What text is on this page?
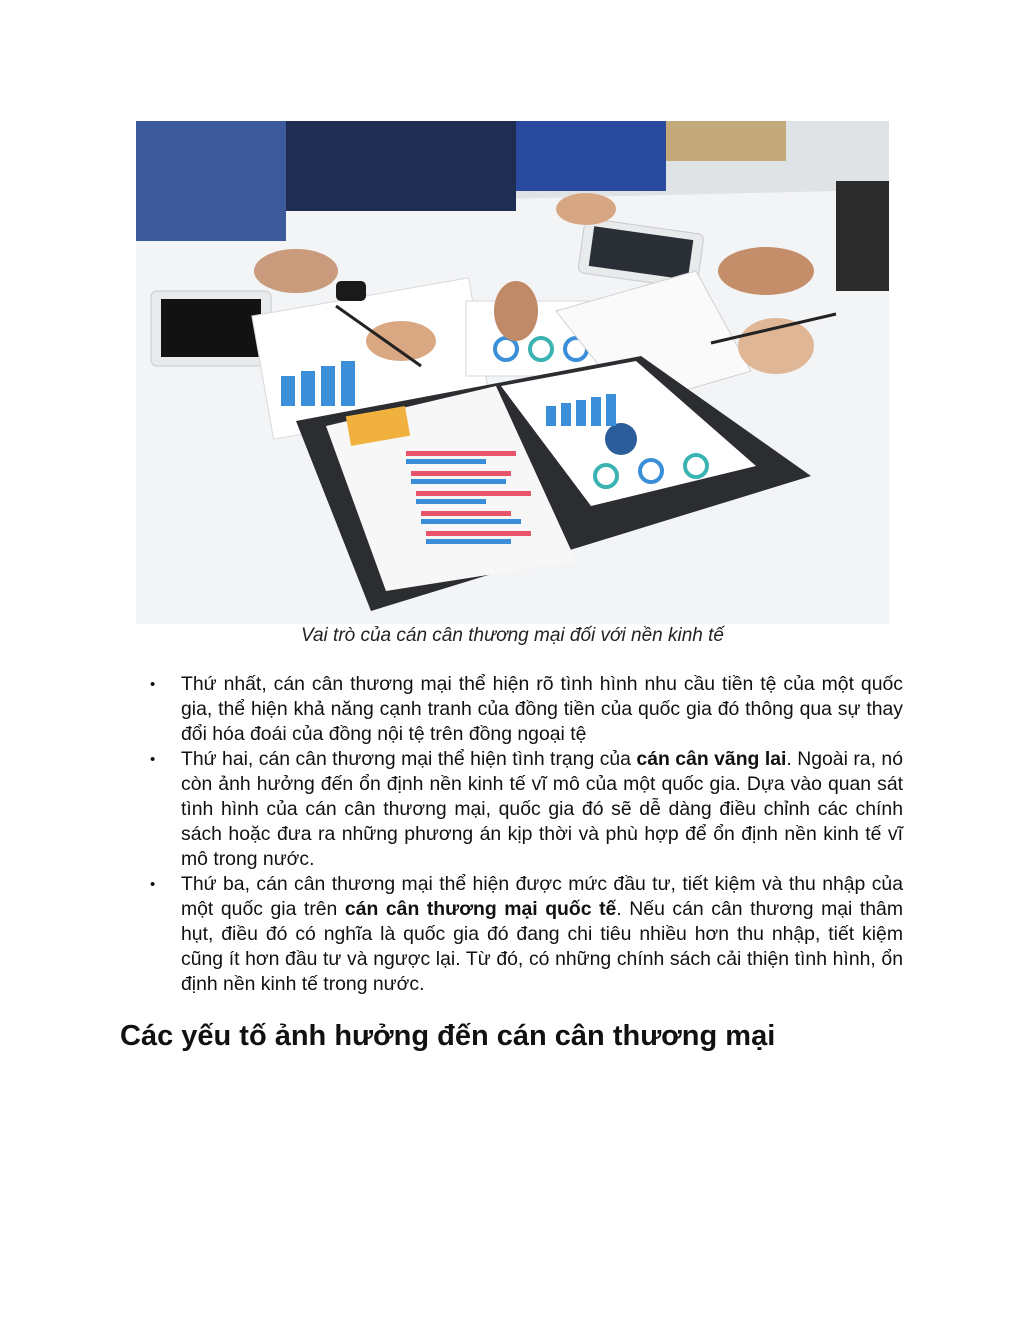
Vai trò của cán cân thương mại đối với nền kinh tế
• Thứ nhất, cán cân thương mại thể hiện rõ tình hình nhu cầu tiền tệ của một quốc gia, thể hiện khả năng cạnh tranh của đồng tiền của quốc gia đó thông qua sự thay đổi hóa đoái của đồng nội tệ trên đồng ngoại tệ
• Thứ hai, cán cân thương mại thể hiện tình trạng của cán cân vãng lai. Ngoài ra, nó còn ảnh hưởng đến ổn định nền kinh tế vĩ mô của một quốc gia. Dựa vào quan sát tình hình của cán cân thương mại, quốc gia đó sẽ dễ dàng điều chỉnh các chính sách hoặc đưa ra những phương án kịp thời và phù hợp để ổn định nền kinh tế vĩ mô trong nước.
• Thứ ba, cán cân thương mại thể hiện được mức đầu tư, tiết kiệm và thu nhập của một quốc gia trên cán cân thương mại quốc tế. Nếu cán cân thương mại thâm hụt, điều đó có nghĩa là quốc gia đó đang chi tiêu nhiều hơn thu nhập, tiết kiệm cũng ít hơn đầu tư và ngược lại. Từ đó, có những chính sách cải thiện tình hình, ổn định nền kinh tế trong nước.
Các yếu tố ảnh hưởng đến cán cân thương mại
